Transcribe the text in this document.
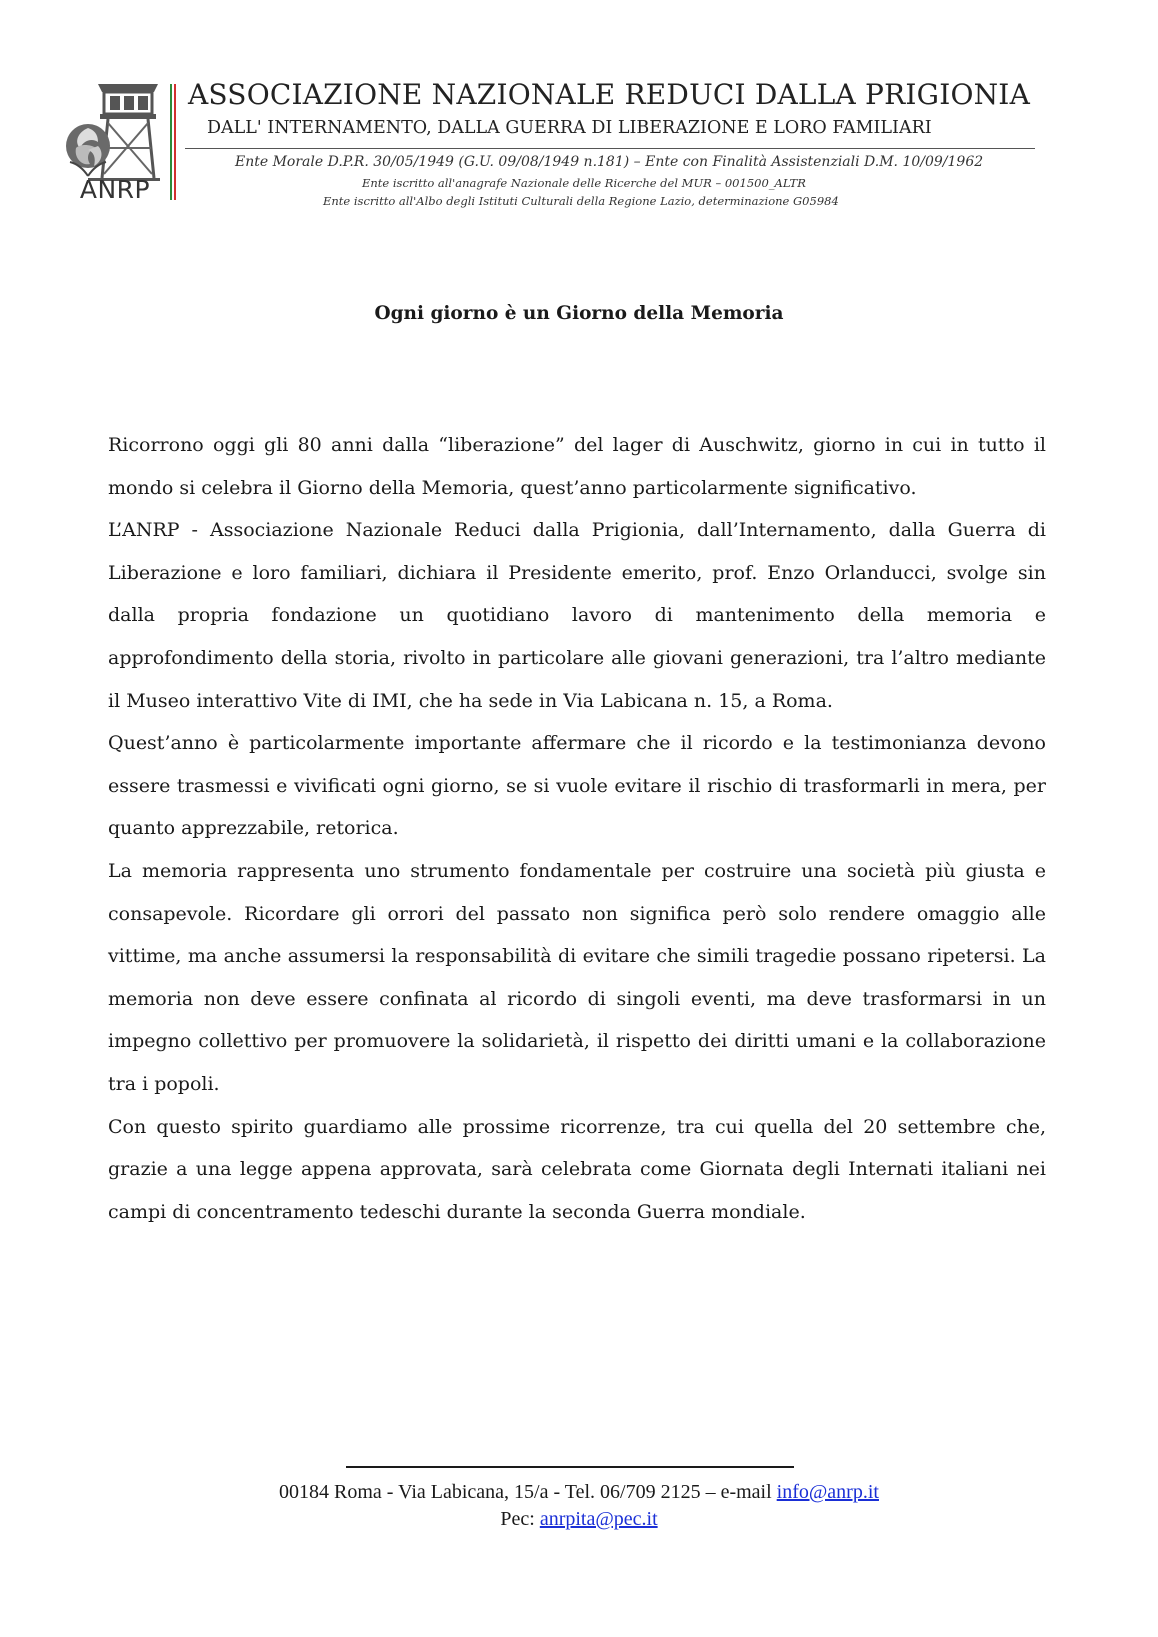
ANRP
ASSOCIAZIONE NAZIONALE REDUCI DALLA PRIGIONIA
DALL' INTERNAMENTO, DALLA GUERRA DI LIBERAZIONE E LORO FAMILIARI
Ente Morale D.P.R. 30/05/1949 (G.U. 09/08/1949 n.181) – Ente con Finalità Assistenziali D.M. 10/09/1962
Ente iscritto all'anagrafe Nazionale delle Ricerche del MUR – 001500_ALTR
Ente iscritto all'Albo degli Istituti Culturali della Regione Lazio, determinazione G05984
Ogni giorno è un Giorno della Memoria

Ricorrono oggi gli 80 anni dalla “liberazione” del lager di Auschwitz, giorno in cui in tutto il mondo si celebra il Giorno della Memoria, quest’anno particolarmente significativo.

L’ANRP - Associazione Nazionale Reduci dalla Prigionia, dall’Internamento, dalla Guerra di Liberazione e loro familiari, dichiara il Presidente emerito, prof. Enzo Orlanducci, svolge sin dalla propria fondazione un quotidiano lavoro di mantenimento della memoria e approfondimento della storia, rivolto in particolare alle giovani generazioni, tra l’altro mediante il Museo interattivo Vite di IMI, che ha sede in Via Labicana n. 15, a Roma.

Quest’anno è particolarmente importante affermare che il ricordo e la testimonianza devono essere trasmessi e vivificati ogni giorno, se si vuole evitare il rischio di trasformarli in mera, per quanto apprezzabile, retorica.

La memoria rappresenta uno strumento fondamentale per costruire una società più giusta e consapevole. Ricordare gli orrori del passato non significa però solo rendere omaggio alle vittime, ma anche assumersi la responsabilità di evitare che simili tragedie possano ripetersi. La memoria non deve essere confinata al ricordo di singoli eventi, ma deve trasformarsi in un impegno collettivo per promuovere la solidarietà, il rispetto dei diritti umani e la collaborazione tra i popoli.

Con questo spirito guardiamo alle prossime ricorrenze, tra cui quella del 20 settembre che, grazie a una legge appena approvata, sarà celebrata come Giornata degli Internati italiani nei campi di concentramento tedeschi durante la seconda Guerra mondiale.

00184 Roma - Via Labicana, 15/a - Tel. 06/709 2125 – e-mail info@anrp.it
Pec: anrpita@pec.it
